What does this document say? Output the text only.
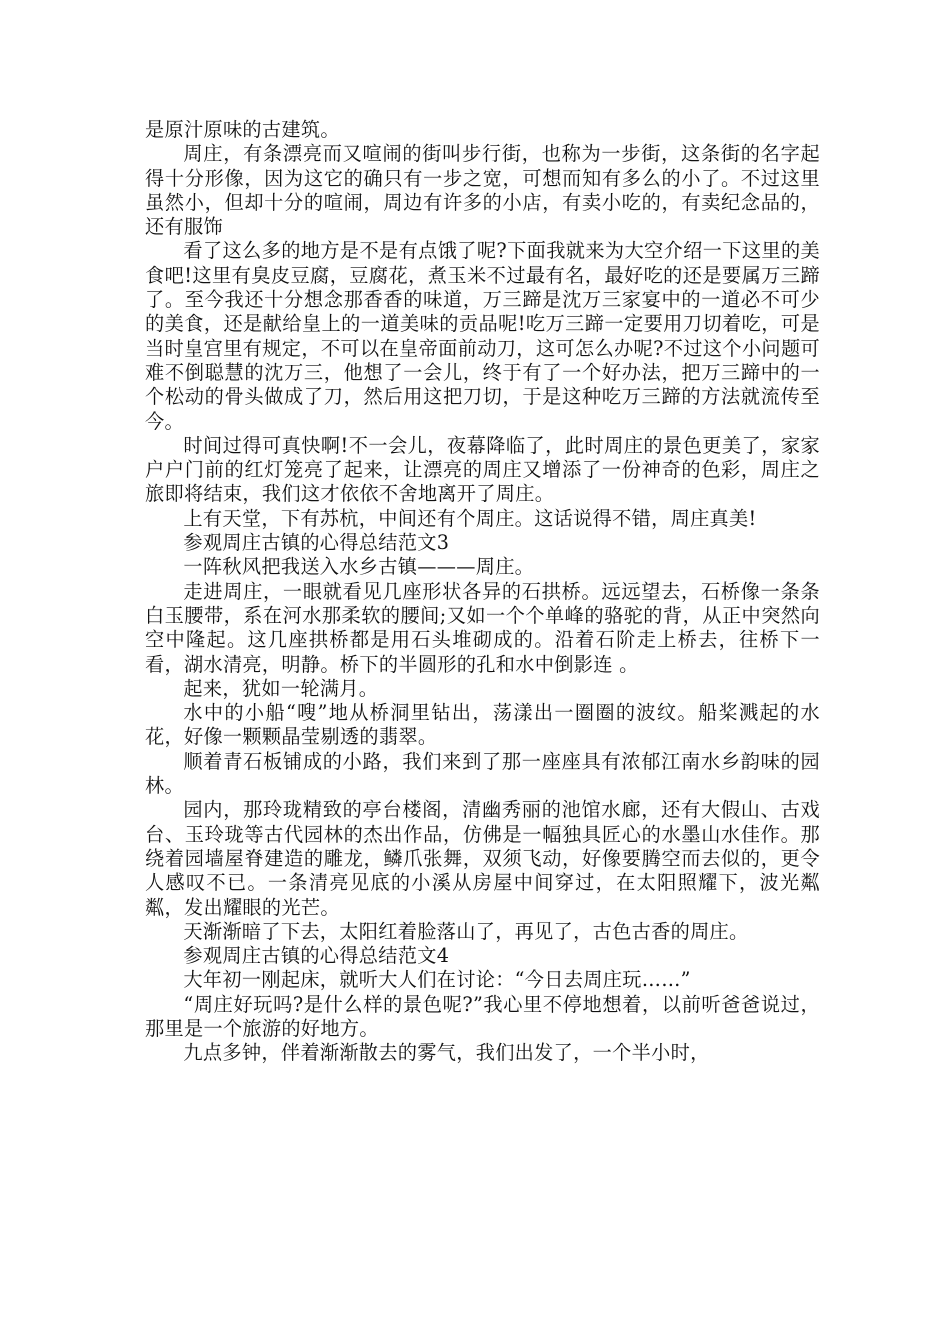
是原汁原味的古建筑。

周庄，有条漂亮而又喧闹的街叫步行街，也称为一步街，这条街的名字起得十分形像，因为这它的确只有一步之宽，可想而知有多么的小了。不过这里虽然小，但却十分的喧闹，周边有许多的小店，有卖小吃的，有卖纪念品的，还有服饰

看了这么多的地方是不是有点饿了呢?下面我就来为大空介绍一下这里的美食吧!这里有臭皮豆腐，豆腐花，煮玉米不过最有名，最好吃的还是要属万三蹄了。至今我还十分想念那香香的味道，万三蹄是沈万三家宴中的一道必不可少的美食，还是献给皇上的一道美味的贡品呢!吃万三蹄一定要用刀切着吃，可是当时皇宫里有规定，不可以在皇帝面前动刀，这可怎么办呢?不过这个小问题可难不倒聪慧的沈万三，他想了一会儿，终于有了一个好办法，把万三蹄中的一个松动的骨头做成了刀，然后用这把刀切，于是这种吃万三蹄的方法就流传至今。

时间过得可真快啊!不一会儿，夜幕降临了，此时周庄的景色更美了，家家户户门前的红灯笼亮了起来，让漂亮的周庄又增添了一份神奇的色彩，周庄之旅即将结束，我们这才依依不舍地离开了周庄。

上有天堂，下有苏杭，中间还有个周庄。这话说得不错，周庄真美!

参观周庄古镇的心得总结范文3

一阵秋风把我送入水乡古镇———周庄。

走进周庄，一眼就看见几座形状各异的石拱桥。远远望去，石桥像一条条白玉腰带，系在河水那柔软的腰间;又如一个个单峰的骆驼的背，从正中突然向空中隆起。这几座拱桥都是用石头堆砌成的。沿着石阶走上桥去，往桥下一看，湖水清亮，明静。桥下的半圆形的孔和水中倒影连 。

起来，犹如一轮满月。

水中的小船“嗖”地从桥洞里钻出，荡漾出一圈圈的波纹。船桨溅起的水花，好像一颗颗晶莹剔透的翡翠。

顺着青石板铺成的小路，我们来到了那一座座具有浓郁江南水乡韵味的园林。

园内，那玲珑精致的亭台楼阁，清幽秀丽的池馆水廊，还有大假山、古戏台、玉玲珑等古代园林的杰出作品，仿佛是一幅独具匠心的水墨山水佳作。那绕着园墙屋脊建造的雕龙，鳞爪张舞，双须飞动，好像要腾空而去似的，更令人感叹不已。一条清亮见底的小溪从房屋中间穿过，在太阳照耀下，波光粼粼，发出耀眼的光芒。

天渐渐暗了下去，太阳红着脸落山了，再见了，古色古香的周庄。

参观周庄古镇的心得总结范文4

大年初一刚起床，就听大人们在讨论：“今日去周庄玩……”

“周庄好玩吗?是什么样的景色呢?”我心里不停地想着，以前听爸爸说过，那里是一个旅游的好地方。

九点多钟，伴着渐渐散去的雾气，我们出发了，一个半小时，
